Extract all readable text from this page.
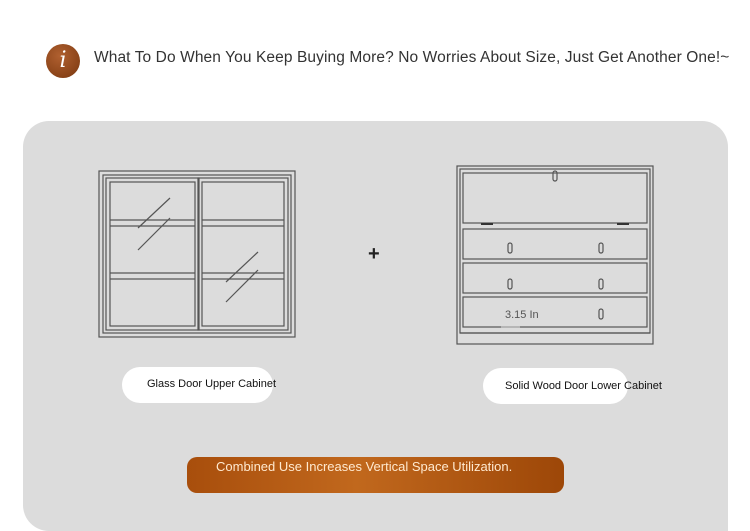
i What To Do When You Keep Buying More? No Worries About Size, Just Get Another One!~
+
3.15 In
Glass Door Upper Cabinet	Solid Wood Door Lower Cabinet
Combined Use Increases Vertical Space Utilization.
